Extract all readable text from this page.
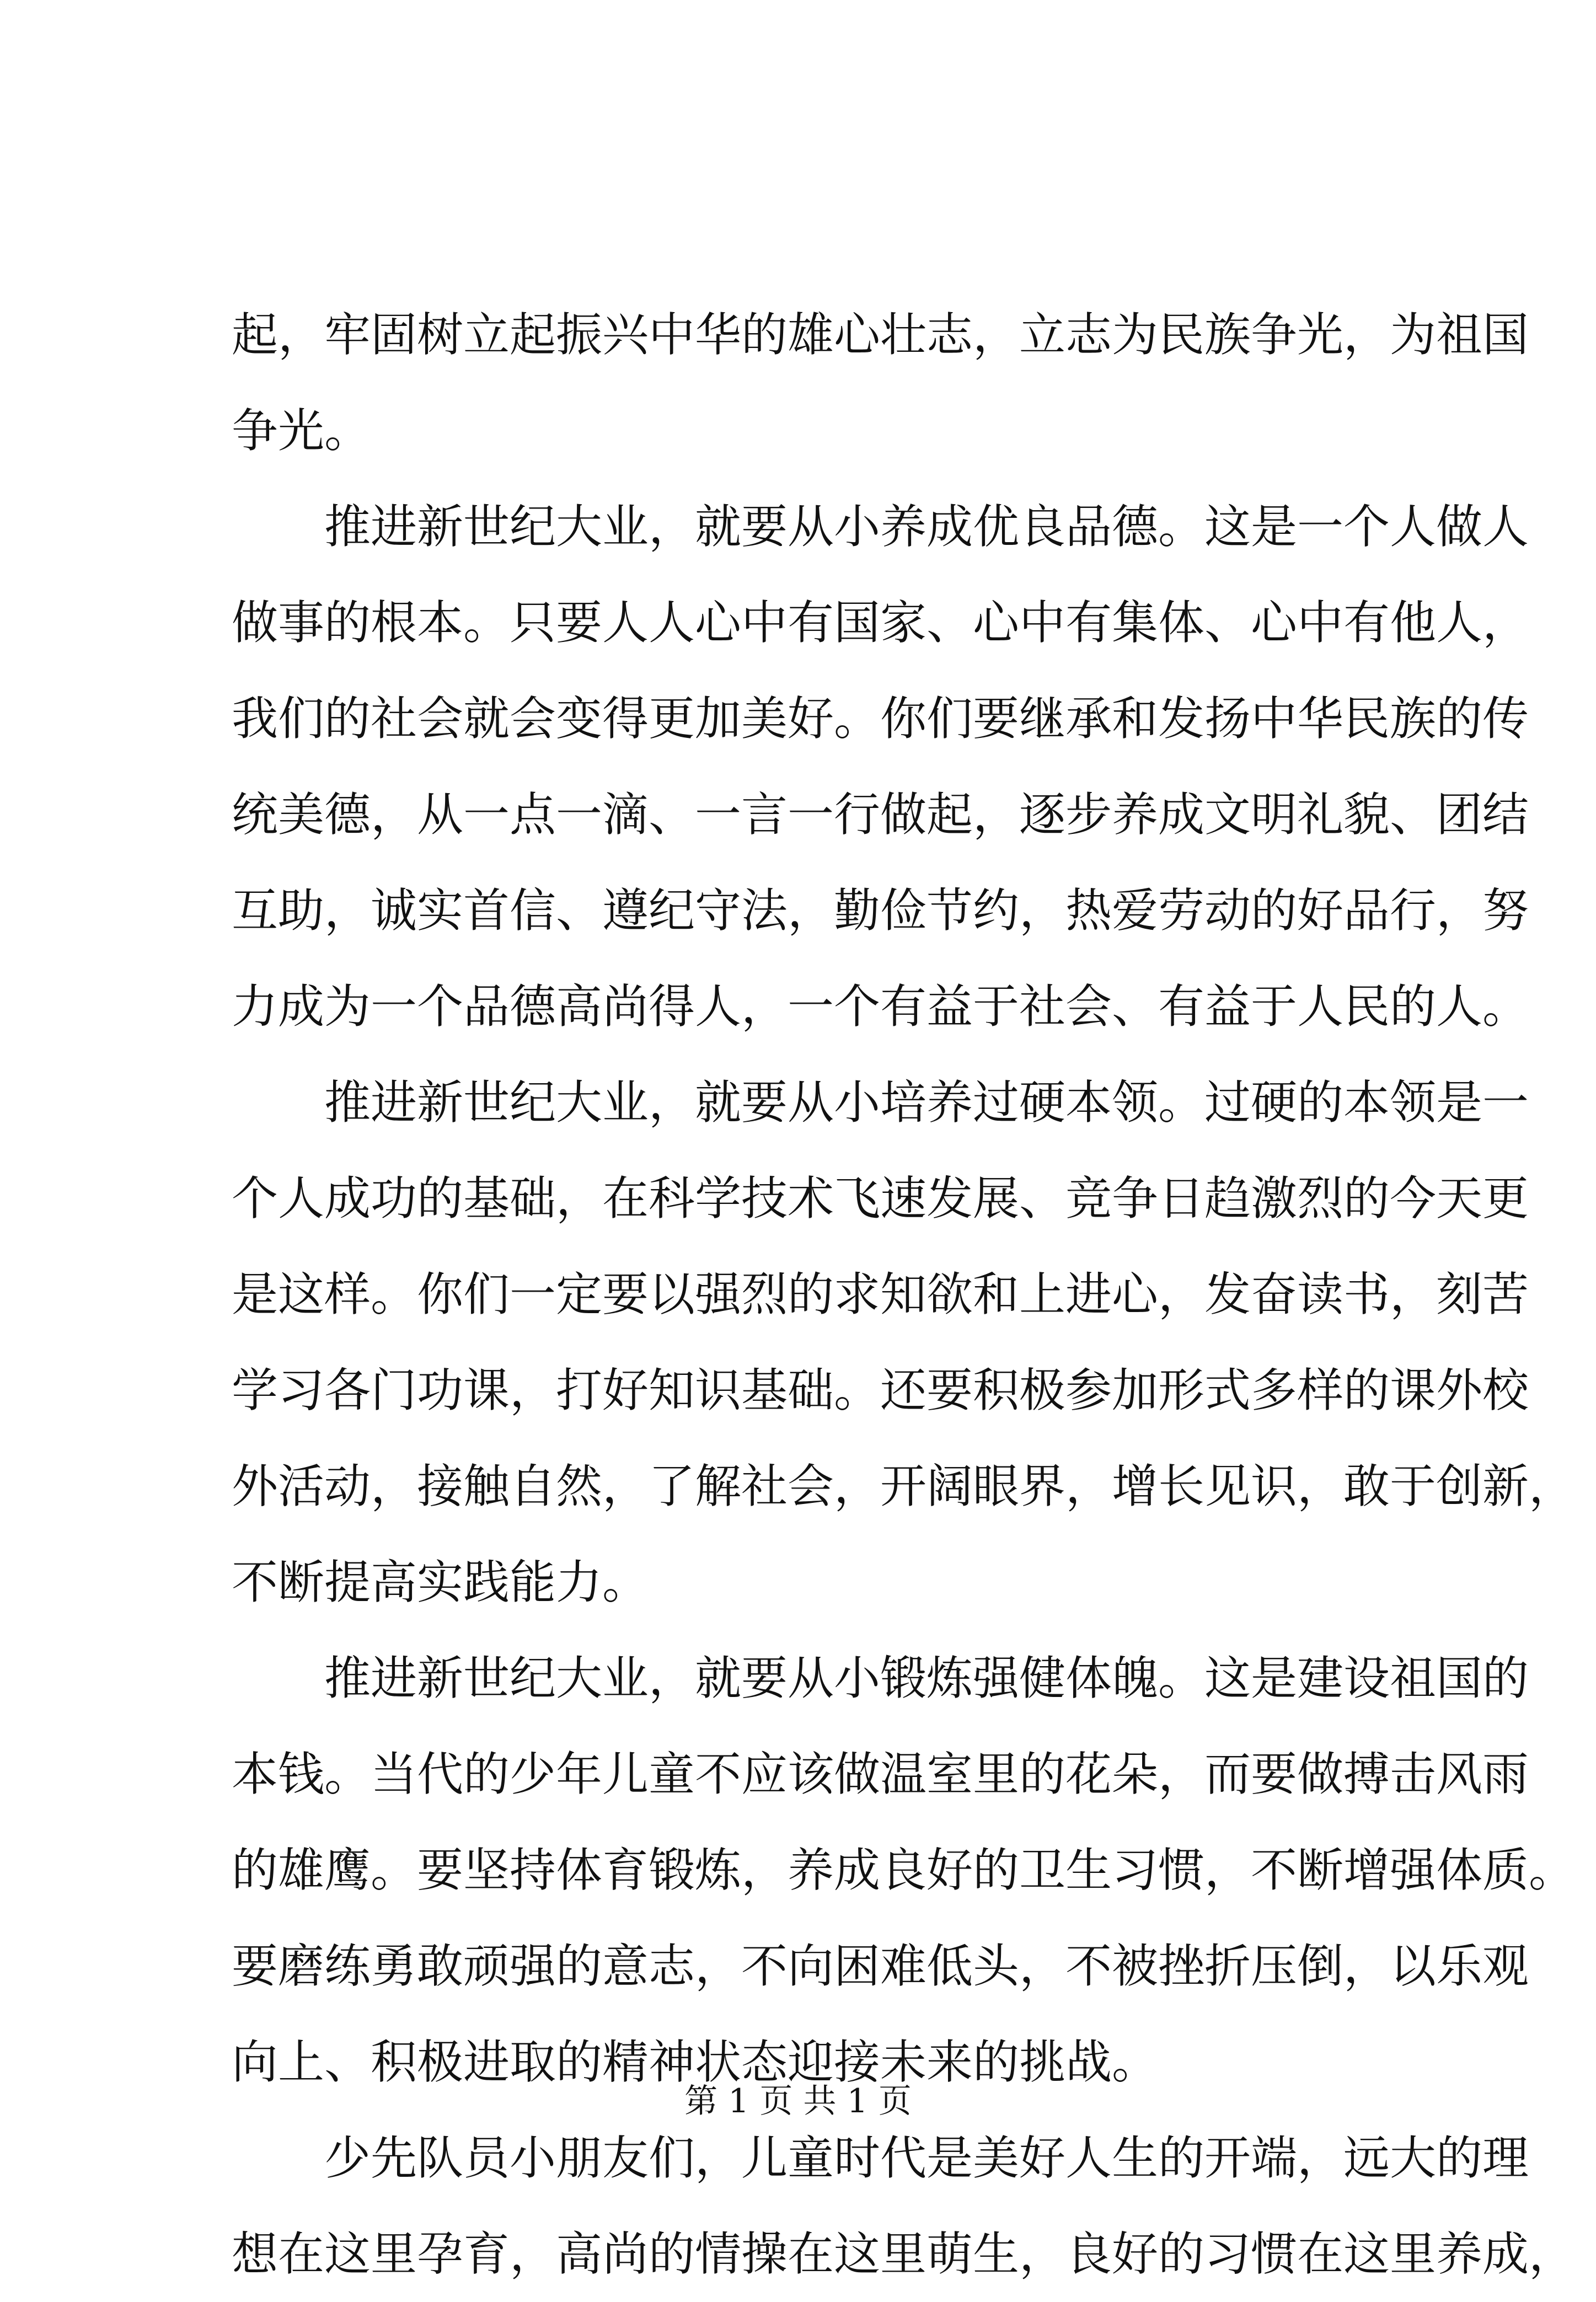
起，牢固树立起振兴中华的雄心壮志，立志为民族争光，为祖国
争光。
　　推进新世纪大业，就要从小养成优良品德。这是一个人做人
做事的根本。只要人人心中有国家、心中有集体、心中有他人，
我们的社会就会变得更加美好。你们要继承和发扬中华民族的传
统美德，从一点一滴、一言一行做起，逐步养成文明礼貌、团结
互助，诚实首信、遵纪守法，勤俭节约，热爱劳动的好品行，努
力成为一个品德高尚得人，一个有益于社会、有益于人民的人。
　　推进新世纪大业，就要从小培养过硬本领。过硬的本领是一
个人成功的基础，在科学技术飞速发展、竞争日趋激烈的今天更
是这样。你们一定要以强烈的求知欲和上进心，发奋读书，刻苦
学习各门功课，打好知识基础。还要积极参加形式多样的课外校
外活动，接触自然，了解社会，开阔眼界，增长见识，敢于创新，
不断提高实践能力。
　　推进新世纪大业，就要从小锻炼强健体魄。这是建设祖国的
本钱。当代的少年儿童不应该做温室里的花朵，而要做搏击风雨
的雄鹰。要坚持体育锻炼，养成良好的卫生习惯，不断增强体质。
要磨练勇敢顽强的意志，不向困难低头，不被挫折压倒，以乐观
向上、积极进取的精神状态迎接未来的挑战。
　　少先队员小朋友们，儿童时代是美好人生的开端，远大的理
想在这里孕育，高尚的情操在这里萌生，良好的习惯在这里养成，
第 1 页 共 1 页
